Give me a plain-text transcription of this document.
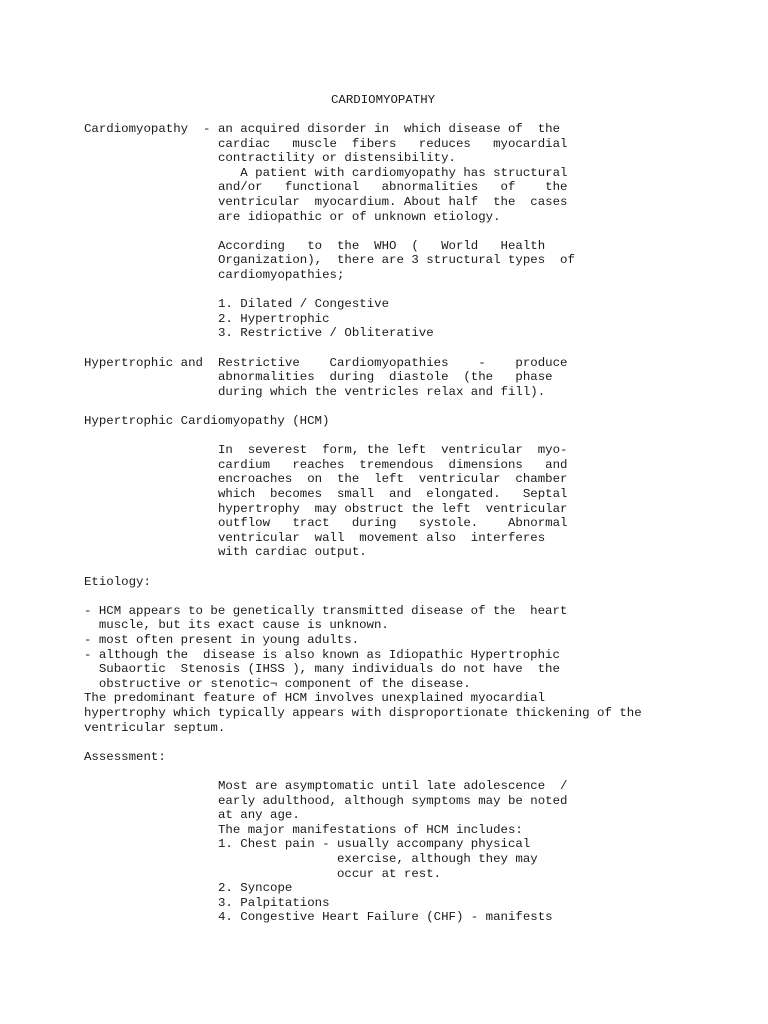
CARDIOMYOPATHY
Cardiomyopathy  - an acquired disorder in  which disease of  the
cardiac   muscle  fibers   reduces   myocardial
contractility or distensibility.
A patient with cardiomyopathy has structural
and/or   functional   abnormalities   of    the
ventricular  myocardium. About half  the  cases
are idiopathic or of unknown etiology.
According   to  the  WHO  (   World   Health
Organization),  there are 3 structural types  of
cardiomyopathies;
1. Dilated / Congestive
2. Hypertrophic
3. Restrictive / Obliterative
Hypertrophic and Restrictive    Cardiomyopathies    -    produce
abnormalities  during  diastole  (the   phase
during which the ventricles relax and fill).
Hypertrophic Cardiomyopathy (HCM)
In  severest  form, the left  ventricular  myo-
cardium   reaches  tremendous  dimensions   and
encroaches  on  the  left  ventricular  chamber
which  becomes  small  and  elongated.   Septal
hypertrophy  may obstruct the left  ventricular
outflow   tract   during   systole.    Abnormal
ventricular  wall  movement also  interferes
with cardiac output.
Etiology:
- HCM appears to be genetically transmitted disease of the  heart
muscle, but its exact cause is unknown.
- most often present in young adults.
- although the  disease is also known as Idiopathic Hypertrophic
Subaortic  Stenosis (IHSS ), many individuals do not have  the
obstructive or stenotic¬ component of the disease.
The predominant feature of HCM involves unexplained myocardial
hypertrophy which typically appears with disproportionate thickening of the
ventricular septum.
Assessment:
Most are asymptomatic until late adolescence  /
early adulthood, although symptoms may be noted
at any age.
The major manifestations of HCM includes:
1. Chest pain - usually accompany physical
exercise, although they may
occur at rest.
2. Syncope
3. Palpitations
4. Congestive Heart Failure (CHF) - manifests
